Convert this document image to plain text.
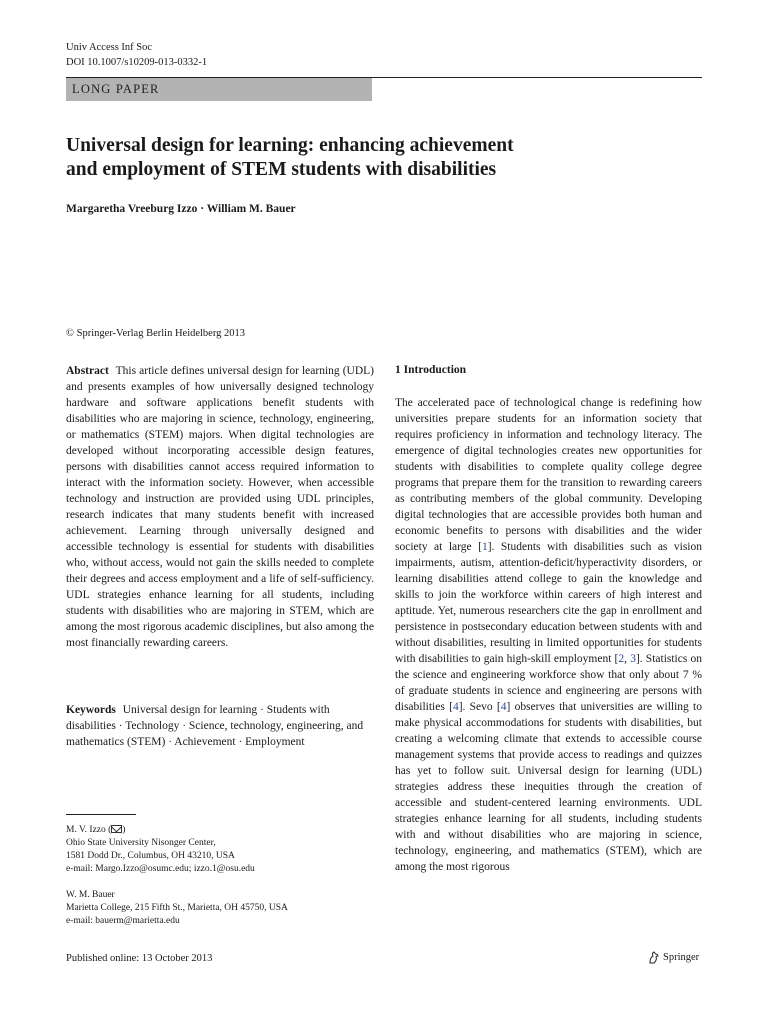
Univ Access Inf Soc
DOI 10.1007/s10209-013-0332-1
LONG PAPER
Universal design for learning: enhancing achievement
and employment of STEM students with disabilities
Margaretha Vreeburg Izzo · William M. Bauer
© Springer-Verlag Berlin Heidelberg 2013
Abstract This article defines universal design for learning (UDL) and presents examples of how universally designed technology hardware and software applications benefit students with disabilities who are majoring in science, technology, engineering, or mathematics (STEM) majors. When digital technologies are developed without incorporating accessible design features, persons with disabilities cannot access required information to interact with the information society. However, when accessible technology and instruction are provided using UDL principles, research indicates that many students benefit with increased achievement. Learning through universally designed and accessible technology is essential for students with disabilities who, without access, would not gain the skills needed to complete their degrees and access employment and a life of self-sufficiency. UDL strategies enhance learning for all students, including students with disabilities who are majoring in STEM, which are among the most rigorous academic disciplines, but also among the most financially rewarding careers.
Keywords Universal design for learning · Students with disabilities · Technology · Science, technology, engineering, and mathematics (STEM) · Achievement · Employment
M. V. Izzo ( )
Ohio State University Nisonger Center,
1581 Dodd Dr., Columbus, OH 43210, USA
e-mail: Margo.Izzo@osumc.edu; izzo.1@osu.edu
W. M. Bauer
Marietta College, 215 Fifth St., Marietta, OH 45750, USA
e-mail: bauerm@marietta.edu
1 Introduction
The accelerated pace of technological change is redefining how universities prepare students for an information society that requires proficiency in information and technology literacy. The emergence of digital technologies creates new opportunities for students with disabilities to complete quality college degree programs that prepare them for the transition to rewarding careers as contributing members of the global community. Developing digital technologies that are accessible provides both human and economic benefits to persons with disabilities and the wider society at large [1]. Students with disabilities such as vision impairments, autism, attention-deficit/hyperactivity disorders, or learning disabilities attend college to gain the knowledge and skills to join the workforce within careers of high interest and aptitude. Yet, numerous researchers cite the gap in enrollment and persistence in postsecondary education between students with and without disabilities, resulting in limited opportunities for students with disabilities to gain high-skill employment [2, 3]. Statistics on the science and engineering workforce show that only about 7 % of graduate students in science and engineering are persons with disabilities [4]. Sevo [4] observes that universities are willing to make physical accommodations for students with disabilities, but creating a welcoming climate that extends to accessible course management systems that provide access to readings and quizzes has yet to follow suit. Universal design for learning (UDL) strategies address these inequities through the creation of accessible and student-centered learning environments. UDL strategies enhance learning for all students, including students with and without disabilities who are majoring in science, technology, engineering, and mathematics (STEM), which are among the most rigorous
Published online: 13 October 2013	Springer
